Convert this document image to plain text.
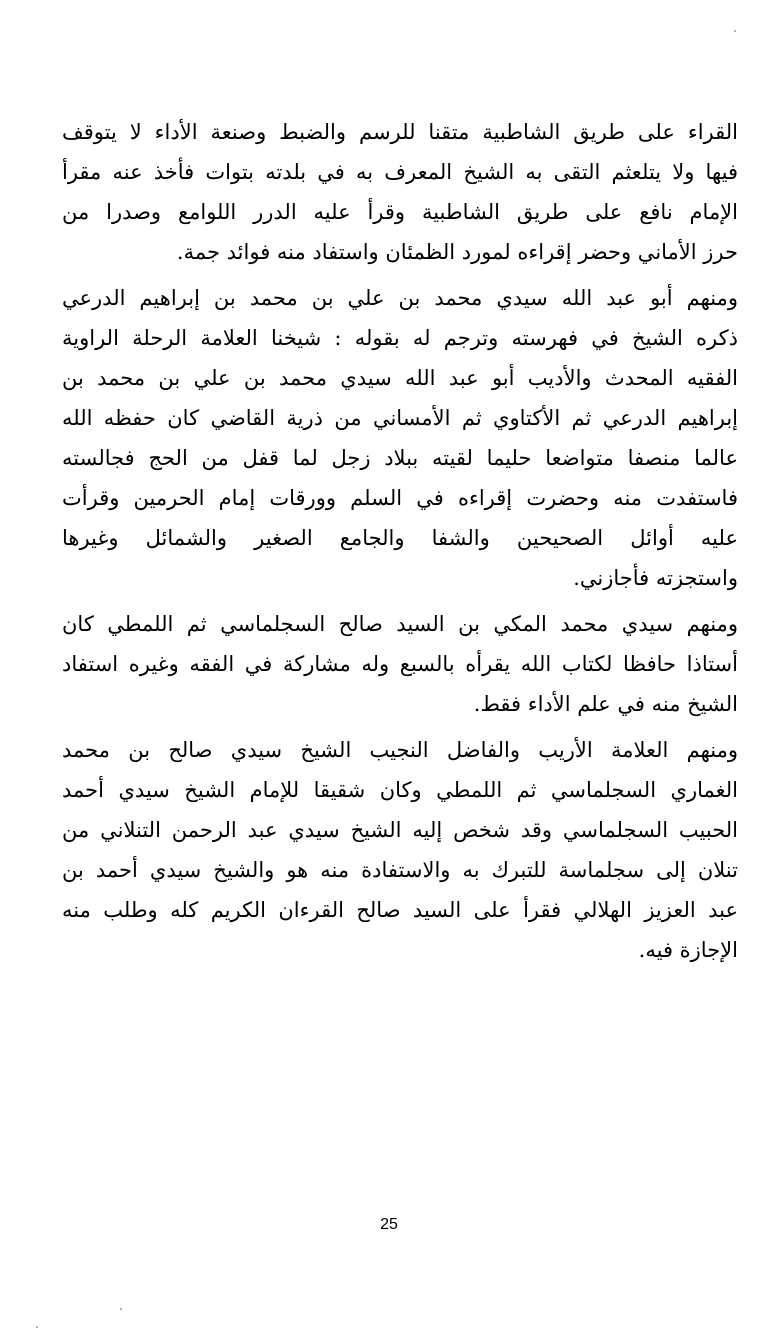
القراء على طريق الشاطبية متقنا للرسم والضبط وصنعة الأداء لا يتوقف
فيها ولا يتلعثم التقى به الشيخ المعرف به في بلدته بتوات فأخذ عنه مقرأ
الإمام نافع على طريق الشاطبية وقرأ عليه الدرر اللوامع وصدرا من
حرز الأماني وحضر إقراءه لمورد الظمئان واستفاد منه فوائد جمة.
ومنهم أبو عبد الله سيدي محمد بن علي بن محمد بن إبراهيم الدرعي
ذكره الشيخ في فهرسته وترجم له بقوله : شيخنا العلامة الرحلة الراوية
الفقيه المحدث والأديب أبو عبد الله سيدي محمد بن علي بن محمد بن
إبراهيم الدرعي ثم الأكتاوي ثم الأمساني من ذرية القاضي كان حفظه الله
عالما منصفا متواضعا حليما لقيته ببلاد زجل لما قفل من الحج فجالسته
فاستفدت منه وحضرت إقراءه في السلم وورقات إمام الحرمين وقرأت
عليه أوائل الصحيحين والشفا والجامع الصغير والشمائل وغيرها
واستجزته فأجازني.
ومنهم سيدي محمد المكي بن السيد صالح السجلماسي ثم اللمطي كان
أستاذا حافظا لكتاب الله يقرأه بالسبع وله مشاركة في الفقه وغيره استفاد
الشيخ منه في علم الأداء فقط.
ومنهم العلامة الأريب والفاضل النجيب الشيخ سيدي صالح بن محمد
الغماري السجلماسي ثم اللمطي وكان شقيقا للإمام الشيخ سيدي أحمد
الحبيب السجلماسي وقد شخص إليه الشيخ سيدي عبد الرحمن التنلاني من
تنلان إلى سجلماسة للتبرك به والاستفادة منه هو والشيخ سيدي أحمد بن
عبد العزيز الهلالي فقرأ على السيد صالح القرءان الكريم كله وطلب منه
الإجازة فيه.
25
